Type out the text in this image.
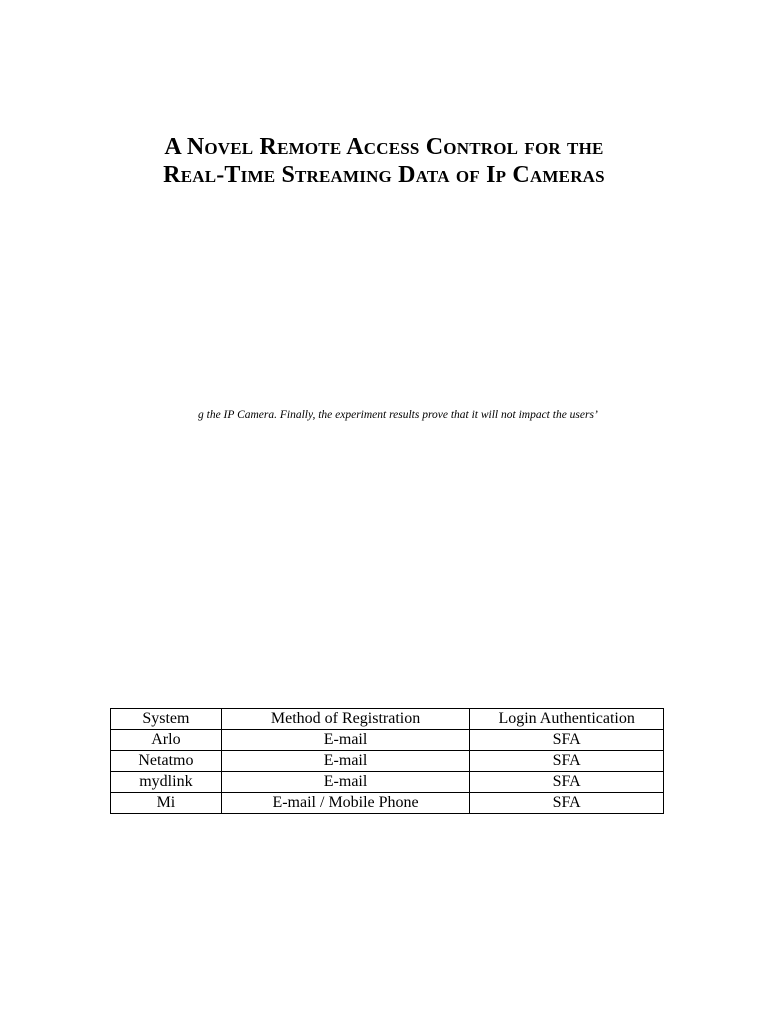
A Novel Remote Access Control for the
Real-Time Streaming Data of Ip Cameras
g the IP Camera. Finally, the experiment results prove that it will not impact the users’
System	Method of Registration	Login Authentication
Arlo	E-mail	SFA
Netatmo	E-mail	SFA
mydlink	E-mail	SFA
Mi	E-mail / Mobile Phone	SFA
